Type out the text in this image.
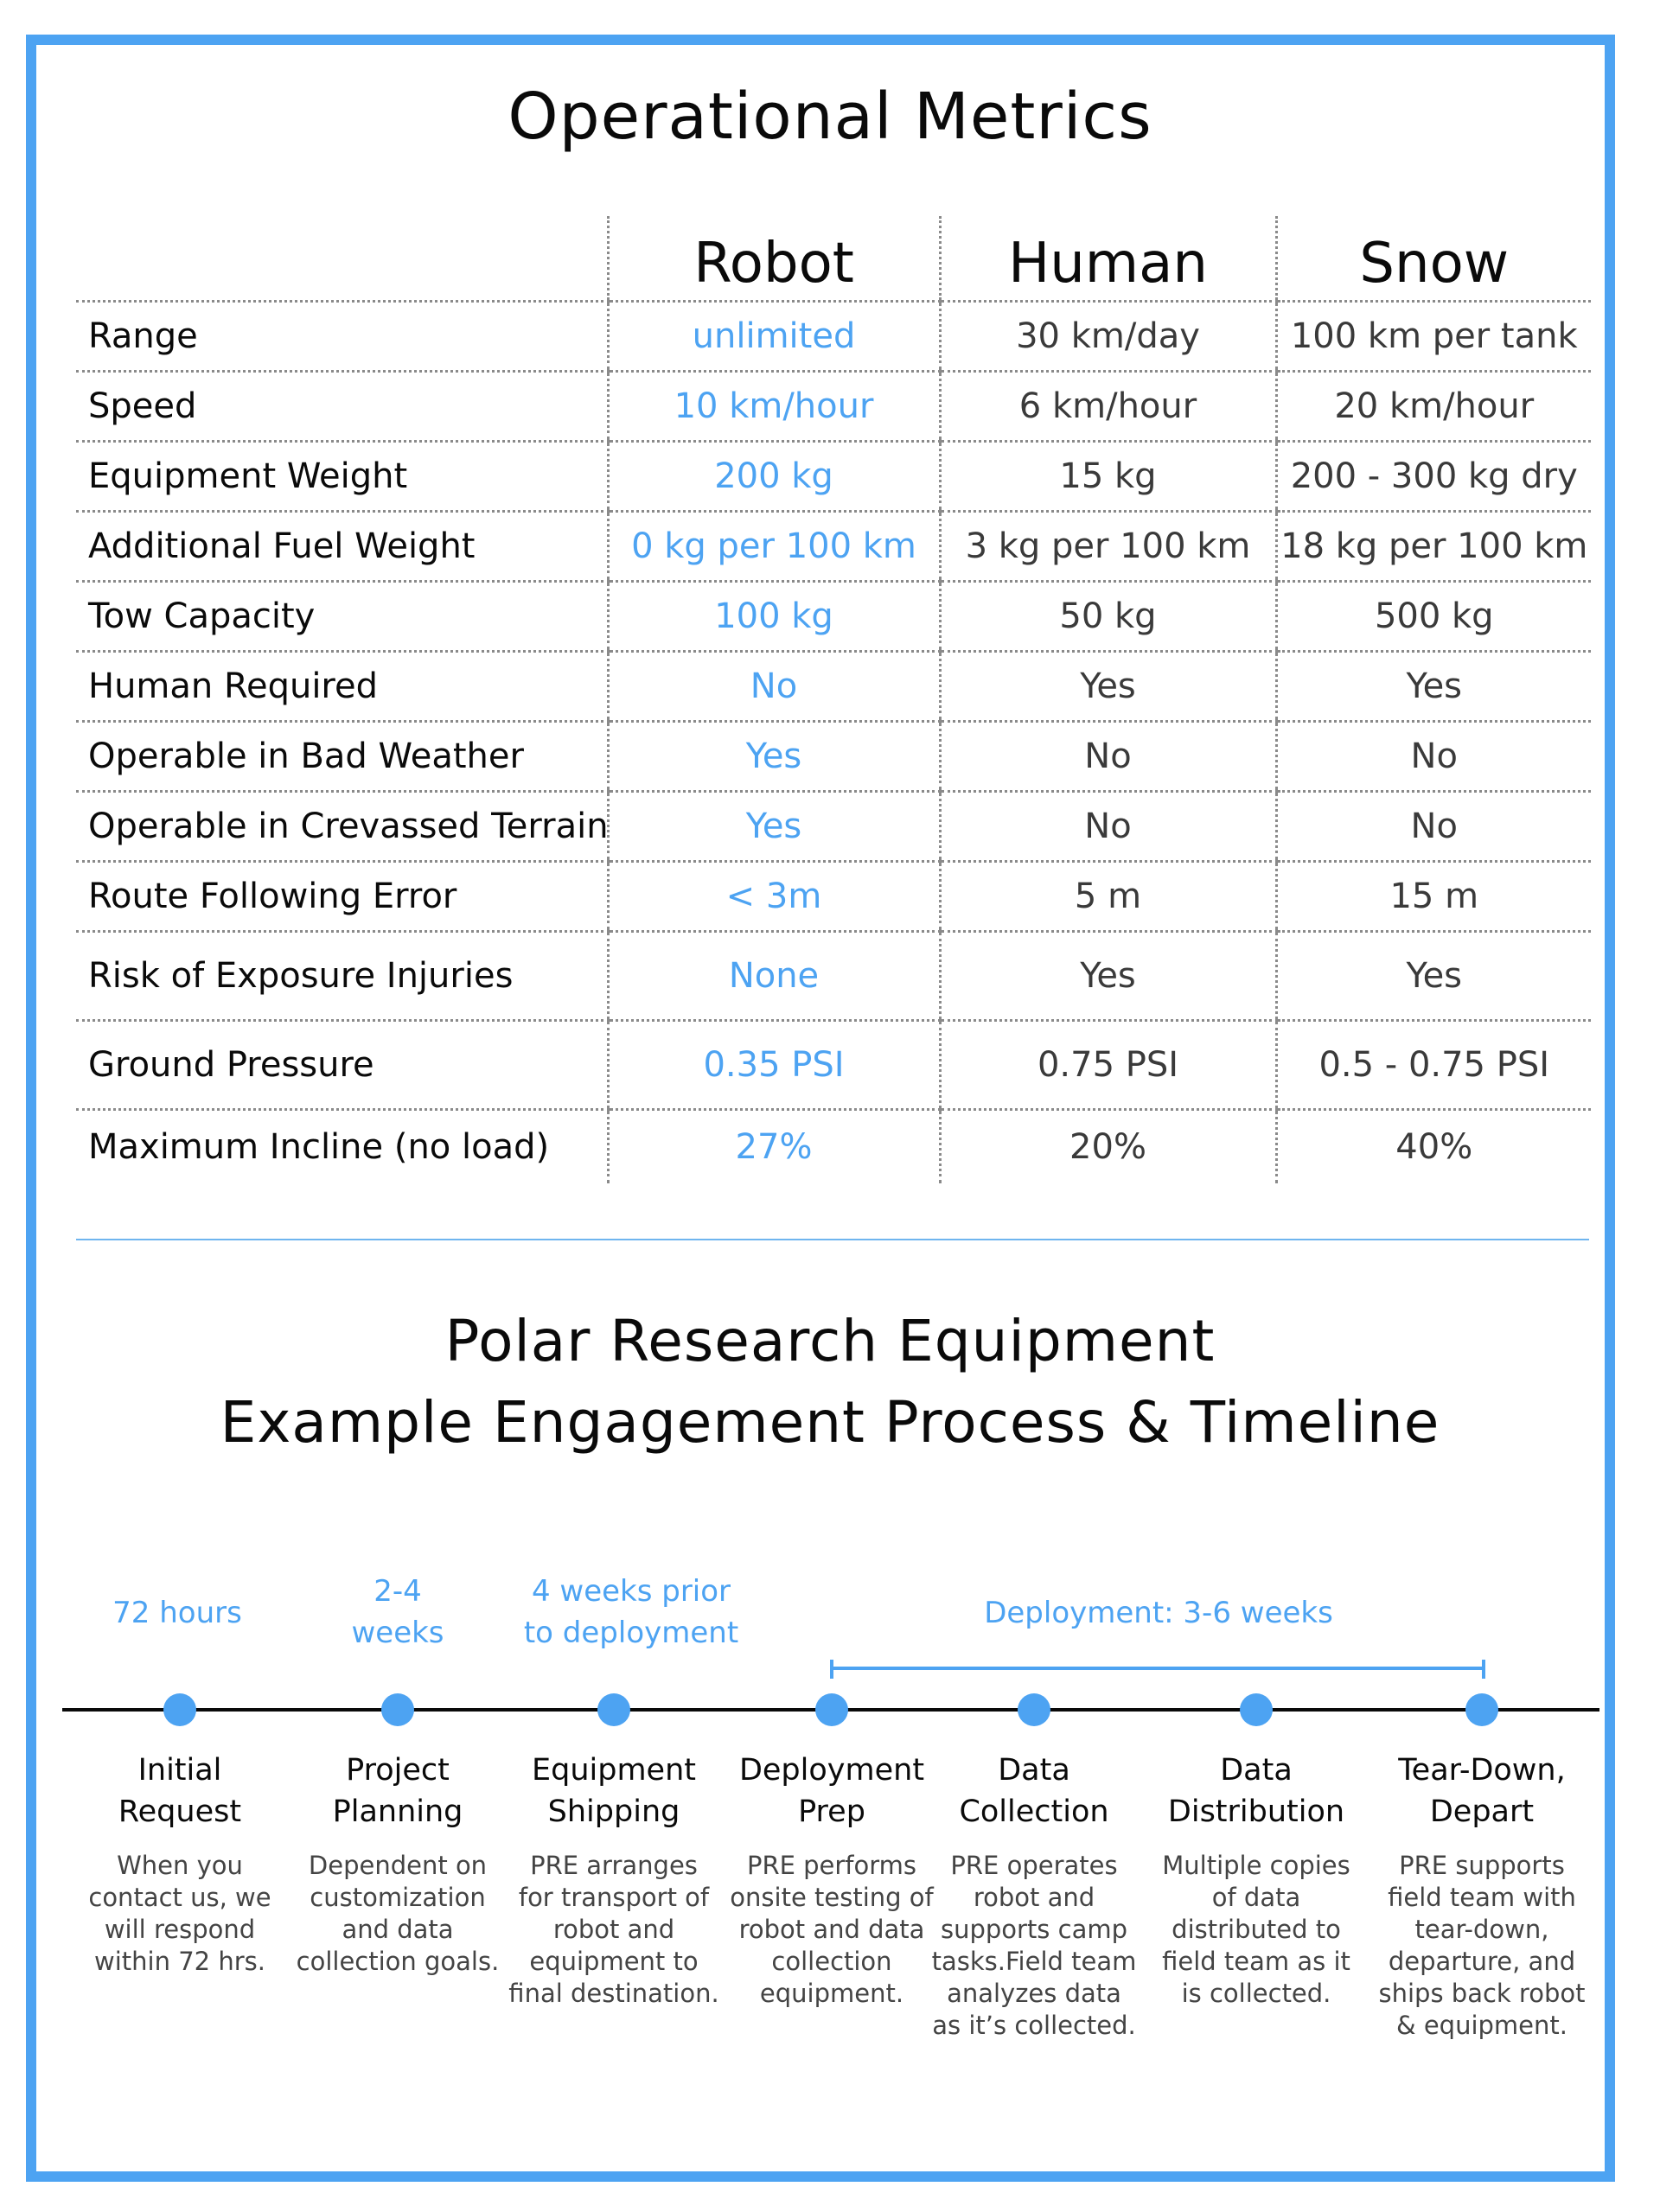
Operational Metrics
	Robot	Human	Snow
Range	unlimited	30 km/day	100 km per tank
Speed	10 km/hour	6 km/hour	20 km/hour
Equipment Weight	200 kg	15 kg	200 - 300 kg dry
Additional Fuel Weight	0 kg per 100 km	3 kg per 100 km	18 kg per 100 km
Tow Capacity	100 kg	50 kg	500 kg
Human Required	No	Yes	Yes
Operable in Bad Weather	Yes	No	No
Operable in Crevassed Terrain	Yes	No	No
Route Following Error	< 3m	5 m	15 m
Risk of Exposure Injuries	None	Yes	Yes
Ground Pressure	0.35 PSI	0.75 PSI	0.5 - 0.75 PSI
Maximum Incline (no load)	27%	20%	40%
Polar Research Equipment
Example Engagement Process & Timeline
72 hours
2-4
weeks
4 weeks prior
to deployment
Deployment: 3-6 weeks
Initial
Request
When you
contact us, we
will respond
within 72 hrs.
Project
Planning
Dependent on
customization
and data
collection goals.
Equipment
Shipping
PRE arranges
for transport of
robot and
equipment to
final destination.
Deployment
Prep
PRE performs
onsite testing of
robot and data
collection
equipment.
Data
Collection
PRE operates
robot and
supports camp
tasks.Field team
analyzes data
as it’s collected.
Data
Distribution
Multiple copies
of data
distributed to
field team as it
is collected.
Tear-Down,
Depart
PRE supports
field team with
tear-down,
departure, and
ships back robot
& equipment.
